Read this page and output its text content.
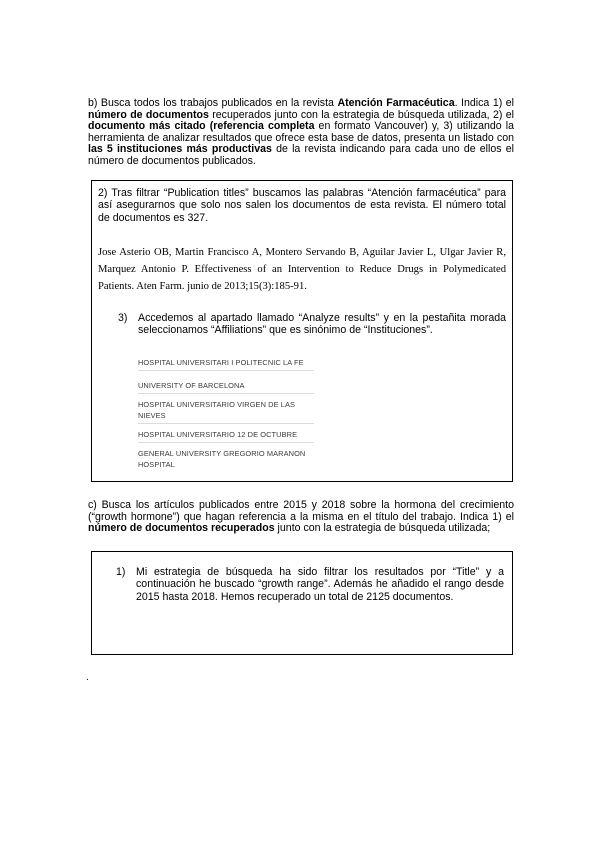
b) Busca todos los trabajos publicados en la revista Atención Farmacéutica. Indica 1) el número de documentos recuperados junto con la estrategia de búsqueda utilizada, 2) el documento más citado (referencia completa en formato Vancouver) y, 3) utilizando la herramienta de analizar resultados que ofrece esta base de datos, presenta un listado con las 5 instituciones más productivas de la revista indicando para cada uno de ellos el número de documentos publicados.
2) Tras filtrar “Publication titles” buscamos las palabras “Atención farmacéutica” para así asegurarnos que solo nos salen los documentos de esta revista. El número total de documentos es 327.
Jose Asterio OB, Martin Francisco A, Montero Servando B, Aguilar Javier L, Ulgar Javier R, Marquez Antonio P. Effectiveness of an Intervention to Reduce Drugs in Polymedicated Patients. Aten Farm. junio de 2013;15(3):185-91.
3) Accedemos al apartado llamado “Analyze results” y en la pestañita morada seleccionamos “Affiliations” que es sinónimo de “Instituciones”.
HOSPITAL UNIVERSITARI I POLITECNIC LA FE
UNIVERSITY OF BARCELONA
HOSPITAL UNIVERSITARIO VIRGEN DE LAS NIEVES
HOSPITAL UNIVERSITARIO 12 DE OCTUBRE
GENERAL UNIVERSITY GREGORIO MARANON HOSPITAL
c) Busca los artículos publicados entre 2015 y 2018 sobre la hormona del crecimiento (“growth hormone”) que hagan referencia a la misma en el título del trabajo. Indica 1) el número de documentos recuperados junto con la estrategia de búsqueda utilizada;
1) Mi estrategia de búsqueda ha sido filtrar los resultados por “Title” y a continuación he buscado “growth range”. Además he añadido el rango desde 2015 hasta 2018. Hemos recuperado un total de 2125 documentos.
.
